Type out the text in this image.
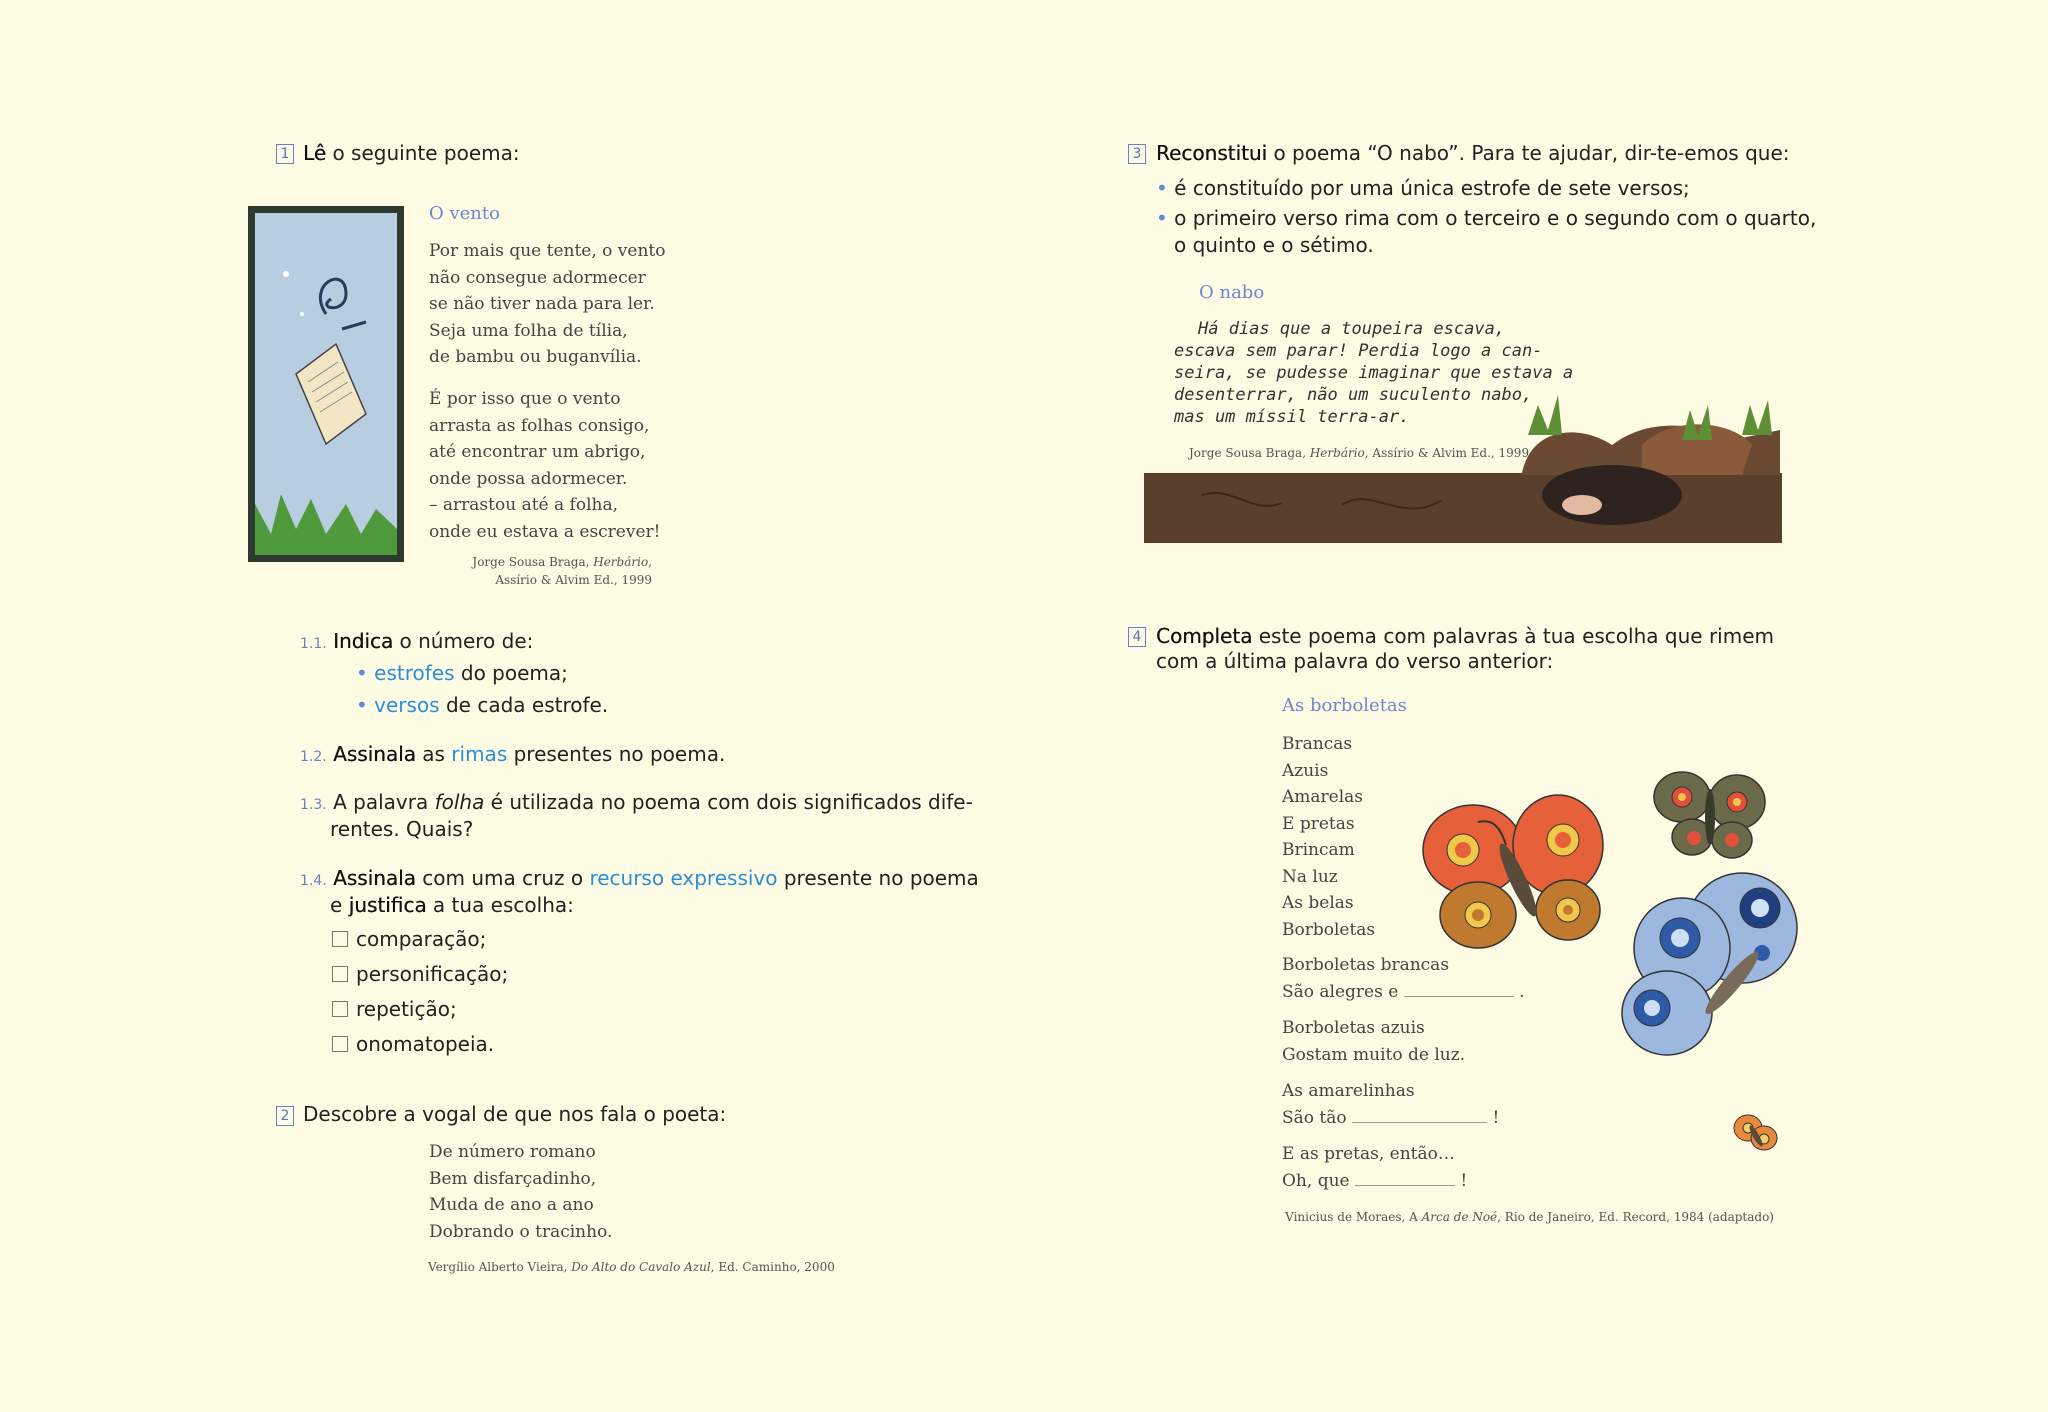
1 Lê o seguinte poema:
O vento
Por mais que tente, o vento
não consegue adormecer
se não tiver nada para ler.
Seja uma folha de tília,
de bambu ou buganvília.
É por isso que o vento
arrasta as folhas consigo,
até encontrar um abrigo,
onde possa adormecer.
– arrastou até a folha,
onde eu estava a escrever!
Jorge Sousa Braga, Herbário,
Assírio & Alvim Ed., 1999
1.1. Indica o número de:
• estrofes do poema;
• versos de cada estrofe.
1.2. Assinala as rimas presentes no poema.
1.3. A palavra folha é utilizada no poema com dois significados dife-
rentes. Quais?
1.4. Assinala com uma cruz o recurso expressivo presente no poema
e justifica a tua escolha:
comparação;
personificação;
repetição;
onomatopeia.
2 Descobre a vogal de que nos fala o poeta:
De número romano
Bem disfarçadinho,
Muda de ano a ano
Dobrando o tracinho.
Vergílio Alberto Vieira, Do Alto do Cavalo Azul, Ed. Caminho, 2000
3 Reconstitui o poema “O nabo”. Para te ajudar, dir-te-emos que:
• é constituído por uma única estrofe de sete versos;
• o primeiro verso rima com o terceiro e o segundo com o quarto,
o quinto e o sétimo.
O nabo
Há dias que a toupeira escava,
escava sem parar! Perdia logo a can-
seira, se pudesse imaginar que estava a
desenterrar, não um suculento nabo,
mas um míssil terra-ar.
Jorge Sousa Braga, Herbário, Assírio & Alvim Ed., 1999
4 Completa este poema com palavras à tua escolha que rimem
com a última palavra do verso anterior:
As borboletas
Brancas
Azuis
Amarelas
E pretas
Brincam
Na luz
As belas
Borboletas
Borboletas brancas
São alegres e	.
Borboletas azuis
Gostam muito de luz.
As amarelinhas
São tão	!
E as pretas, então…
Oh, que	!
Vinicius de Moraes, A Arca de Noé, Rio de Janeiro, Ed. Record, 1984 (adaptado)
